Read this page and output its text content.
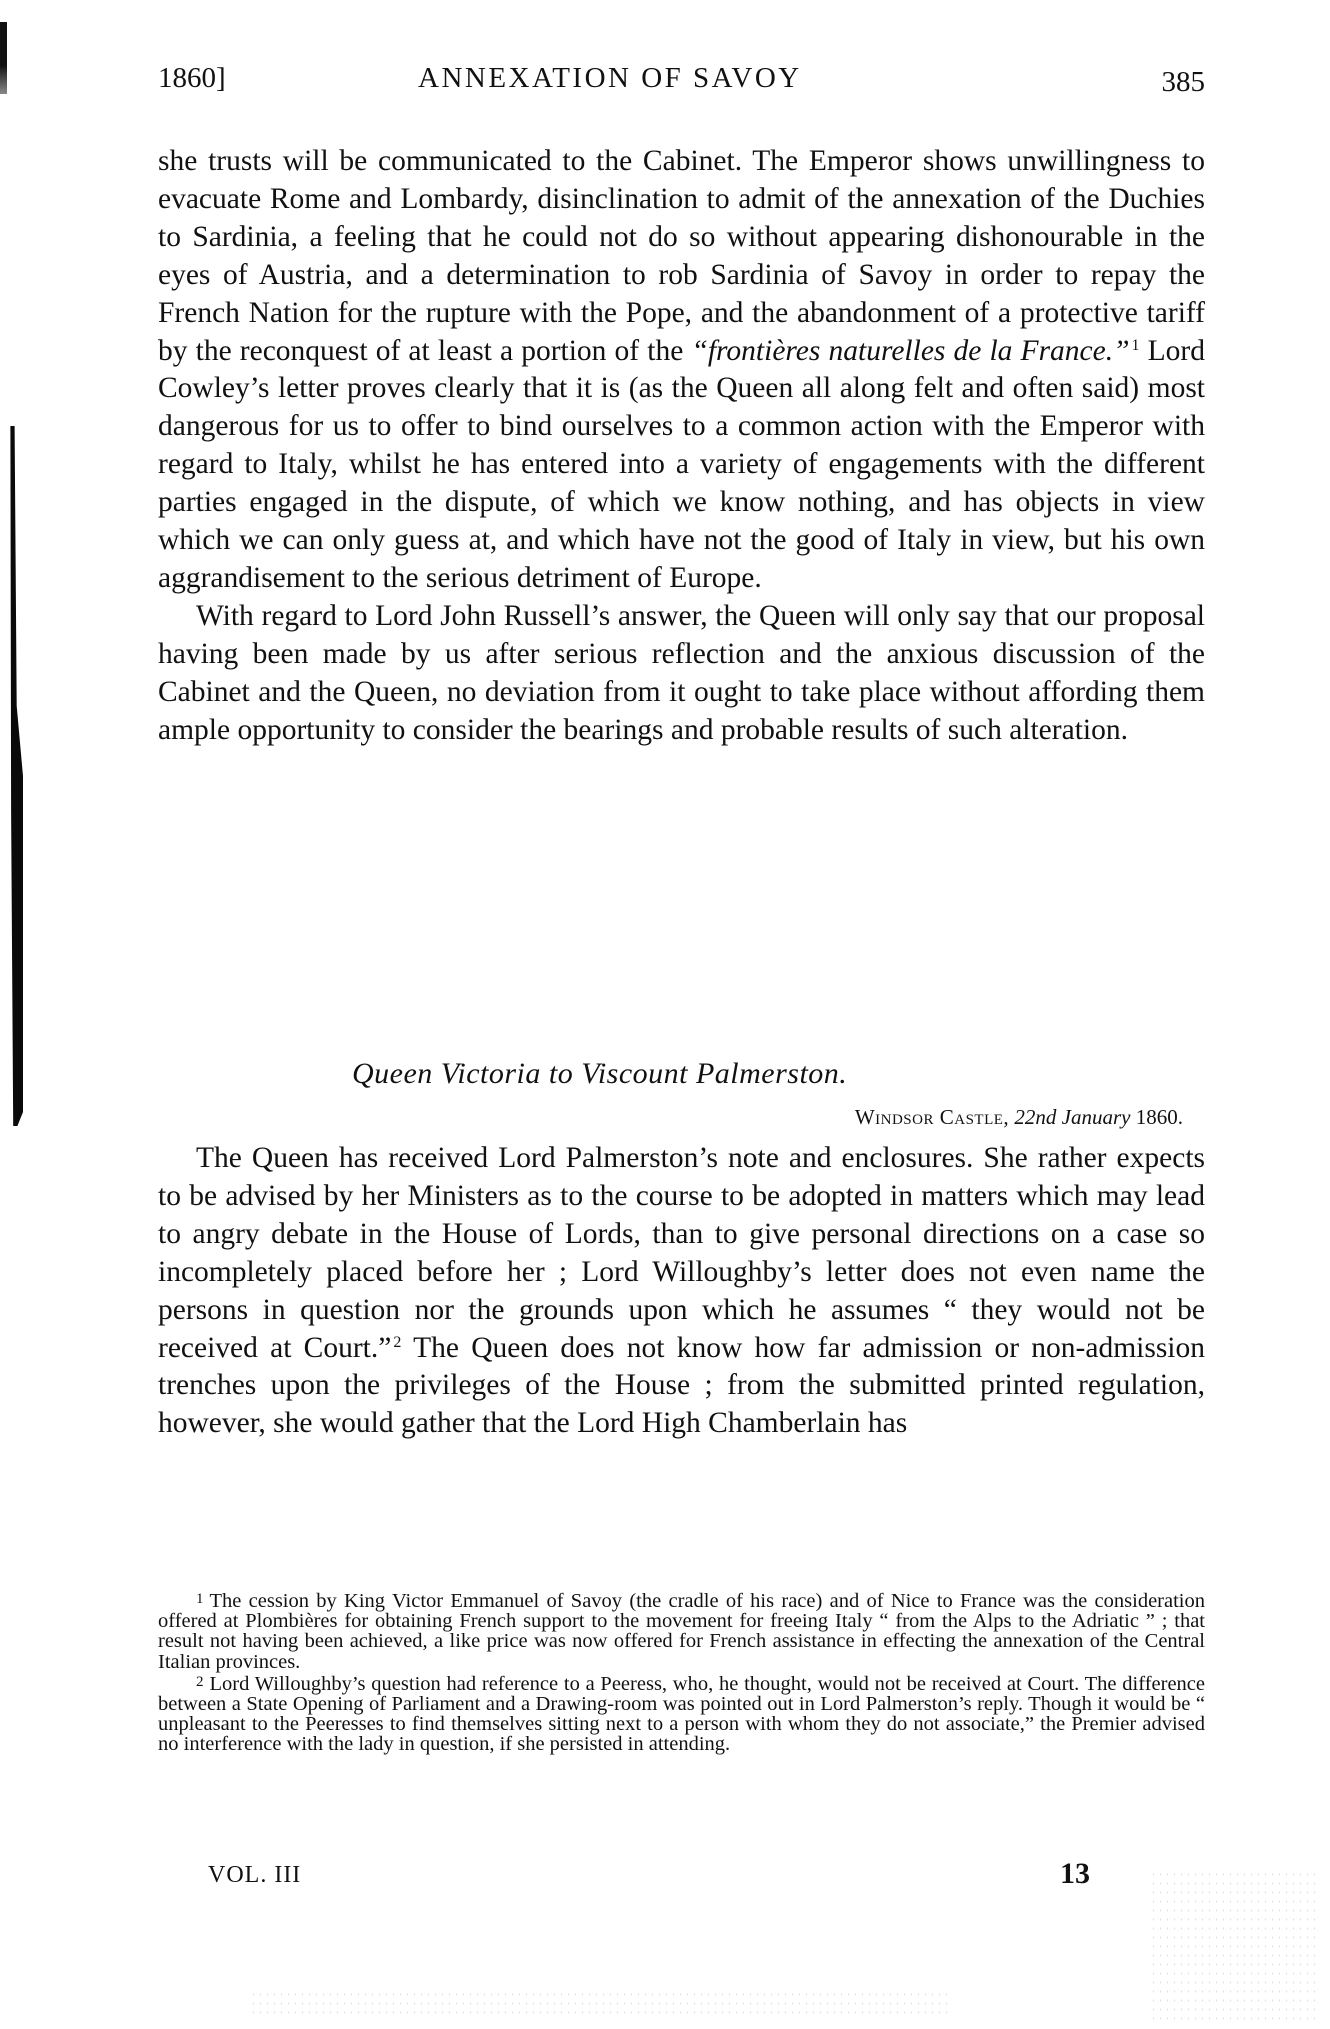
1860]	ANNEXATION OF SAVOY	385

she trusts will be communicated to the Cabinet. The Emperor shows unwillingness to evacuate Rome and Lombardy, disinclination to admit of the annexation of the Duchies to Sardinia, a feeling that he could not do so without appearing dishonourable in the eyes of Austria, and a determination to rob Sardinia of Savoy in order to repay the French Nation for the rupture with the Pope, and the abandonment of a protective tariff by the reconquest of at least a portion of the “frontières naturelles de la France.” $^1$ Lord Cowley’s letter proves clearly that it is (as the Queen all along felt and often said) most dangerous for us to offer to bind ourselves to a common action with the Emperor with regard to Italy, whilst he has entered into a variety of engagements with the different parties engaged in the dispute, of which we know nothing, and has objects in view which we can only guess at, and which have not the good of Italy in view, but his own aggrandisement to the serious detriment of Europe.

With regard to Lord John Russell’s answer, the Queen will only say that our proposal having been made by us after serious reflection and the anxious discussion of the Cabinet and the Queen, no deviation from it ought to take place without affording them ample opportunity to consider the bearings and probable results of such alteration.

Queen Victoria to Viscount Palmerston.
Windsor Castle, 22nd January 1860.

The Queen has received Lord Palmerston’s note and enclosures. She rather expects to be advised by her Ministers as to the course to be adopted in matters which may lead to angry debate in the House of Lords, than to give personal directions on a case so incompletely placed before her ; Lord Willoughby’s letter does not even name the persons in question nor the grounds upon which he assumes “ they would not be received at Court.” $^2$ The Queen does not know how far admission or non-admission trenches upon the privileges of the House ; from the submitted printed regulation, however, she would gather that the Lord High Chamberlain has

1 The cession by King Victor Emmanuel of Savoy (the cradle of his race) and of Nice to France was the consideration offered at Plombières for obtaining French support to the movement for freeing Italy “ from the Alps to the Adriatic ” ; that result not having been achieved, a like price was now offered for French assistance in effecting the annexation of the Central Italian provinces.

2 Lord Willoughby’s question had reference to a Peeress, who, he thought, would not be received at Court. The difference between a State Opening of Parliament and a Drawing-room was pointed out in Lord Palmerston’s reply. Though it would be “ unpleasant to the Peeresses to find themselves sitting next to a person with whom they do not associate,” the Premier advised no interference with the lady in question, if she persisted in attending.

VOL. III	13
